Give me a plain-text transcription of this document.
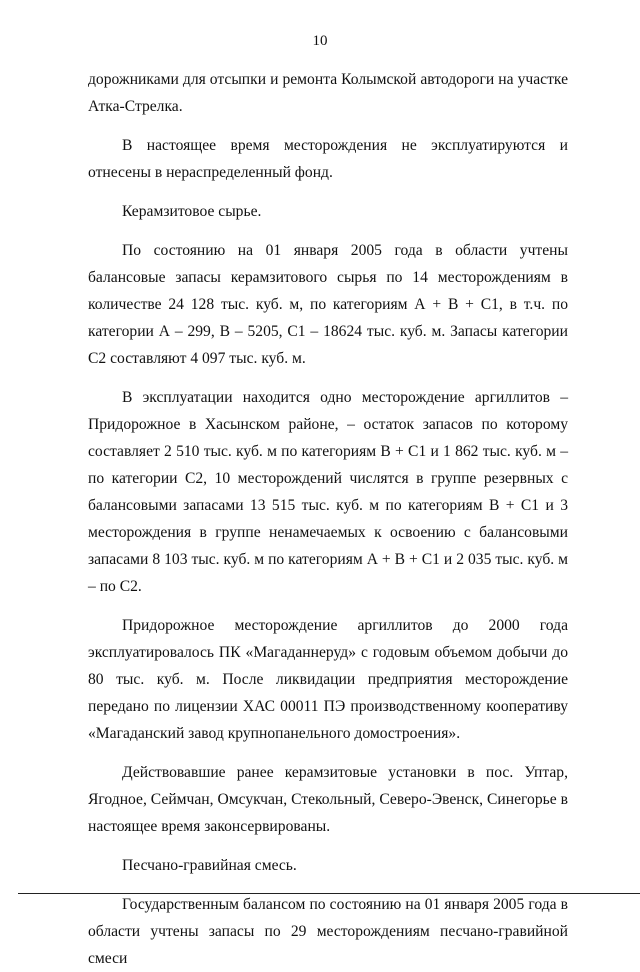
10

дорожниками для отсыпки и ремонта Колымской автодороги на участке Атка-Стрелка.

В настоящее время месторождения не эксплуатируются и отнесены в нераспределенный фонд.

Керамзитовое сырье.

По состоянию на 01 января 2005 года в области учтены балансовые запасы керамзитового сырья по 14 месторождениям в количестве 24 128 тыс. куб. м, по категориям А + В + С1, в т.ч. по категории А – 299, В – 5205, С1 – 18624 тыс. куб. м. Запасы категории С2 составляют 4 097 тыс. куб. м.

В эксплуатации находится одно месторождение аргиллитов – Придорожное в Хасынском районе, – остаток запасов по которому составляет 2 510 тыс. куб. м по категориям В + С1 и 1 862 тыс. куб. м – по категории С2, 10 месторождений числятся в группе резервных с балансовыми запасами 13 515 тыс. куб. м по категориям В + С1 и 3 месторождения в группе ненамечаемых к освоению с балансовыми запасами 8 103 тыс. куб. м по категориям А + В + С1 и 2 035 тыс. куб. м – по С2.

Придорожное месторождение аргиллитов до 2000 года эксплуатировалось ПК «Магаданнеруд» с годовым объемом добычи до 80 тыс. куб. м. После ликвидации предприятия месторождение передано по лицензии ХАС 00011 ПЭ производственному кооперативу «Магаданский завод крупнопанельного домостроения».

Действовавшие ранее керамзитовые установки в пос. Уптар, Ягодное, Сеймчан, Омсукчан, Стекольный, Северо-Эвенск, Синегорье в настоящее время законсервированы.

Песчано-гравийная смесь.

Государственным балансом по состоянию на 01 января 2005 года в области учтены запасы по 29 месторождениям песчано-гравийной смеси
